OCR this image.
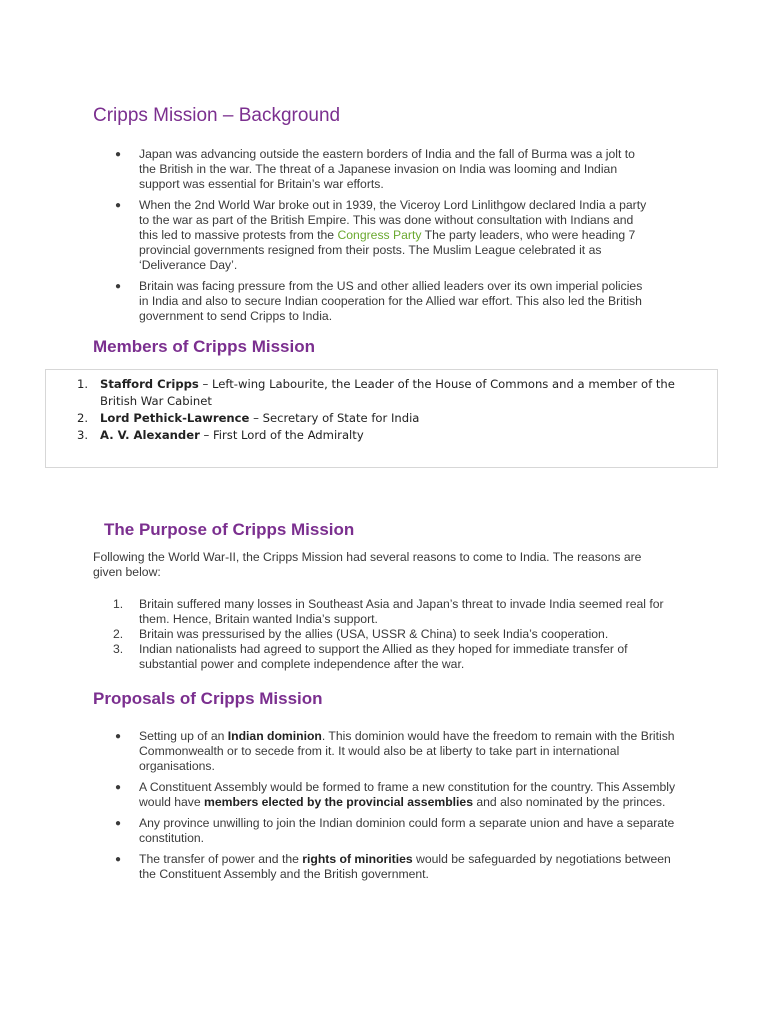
Cripps Mission – Background
● Japan was advancing outside the eastern borders of India and the fall of Burma was a jolt to the British in the war. The threat of a Japanese invasion on India was looming and Indian support was essential for Britain’s war efforts.
● When the 2nd World War broke out in 1939, the Viceroy Lord Linlithgow declared India a party to the war as part of the British Empire. This was done without consultation with Indians and this led to massive protests from the Congress Party The party leaders, who were heading 7 provincial governments resigned from their posts. The Muslim League celebrated it as ‘Deliverance Day’.
● Britain was facing pressure from the US and other allied leaders over its own imperial policies in India and also to secure Indian cooperation for the Allied war effort. This also led the British government to send Cripps to India.
Members of Cripps Mission
1. Stafford Cripps – Left-wing Labourite, the Leader of the House of Commons and a member of the British War Cabinet
2. Lord Pethick-Lawrence – Secretary of State for India
3. A. V. Alexander – First Lord of the Admiralty
The Purpose of Cripps Mission

Following the World War-II, the Cripps Mission had several reasons to come to India. The reasons are given below:

1. Britain suffered many losses in Southeast Asia and Japan’s threat to invade India seemed real for them. Hence, Britain wanted India’s support.
2. Britain was pressurised by the allies (USA, USSR & China) to seek India’s cooperation.
3. Indian nationalists had agreed to support the Allied as they hoped for immediate transfer of substantial power and complete independence after the war.
Proposals of Cripps Mission
● Setting up of an Indian dominion. This dominion would have the freedom to remain with the British Commonwealth or to secede from it. It would also be at liberty to take part in international organisations.
● A Constituent Assembly would be formed to frame a new constitution for the country. This Assembly would have members elected by the provincial assemblies and also nominated by the princes.
● Any province unwilling to join the Indian dominion could form a separate union and have a separate constitution.
● The transfer of power and the rights of minorities would be safeguarded by negotiations between the Constituent Assembly and the British government.
